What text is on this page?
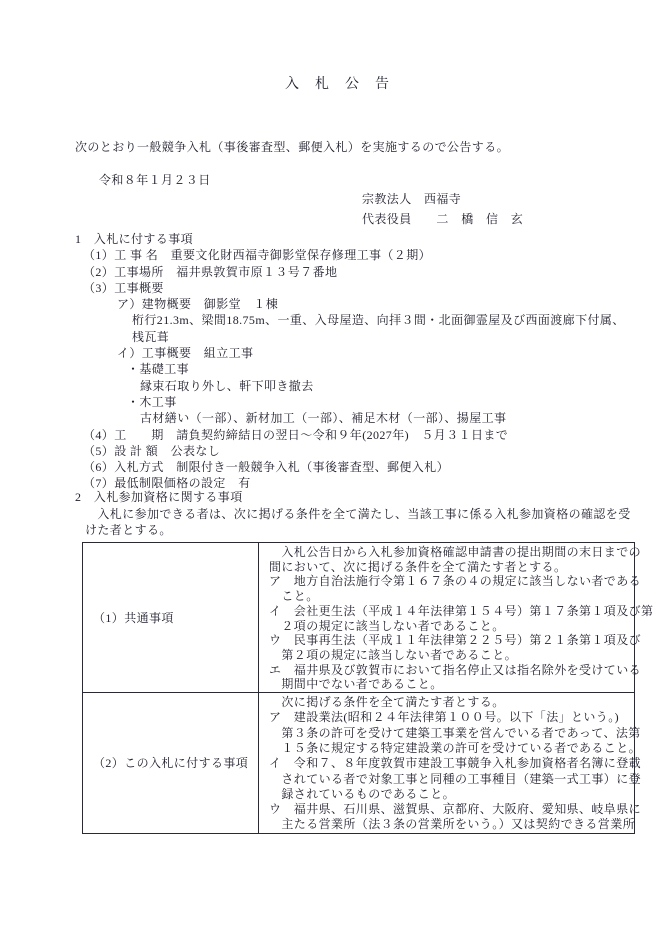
入　札　公　告
次のとおり一般競争入札（事後審査型、郵便入札）を実施するので公告する。
令和８年１月２３日
宗教法人　西福寺
代表役員　　二　橋　信　玄
1　入札に付する事項
（1）工 事 名　重要文化財西福寺御影堂保存修理工事（２期）
（2）工事場所　福井県敦賀市原１３号７番地
（3）工事概要
ア）建物概要　御影堂　１棟
桁行21.3m、梁間18.75m、一重、入母屋造、向拝３間・北面御霊屋及び西面渡廊下付属、
桟瓦葺
イ）工事概要　組立工事
・基礎工事
縁束石取り外し、軒下叩き撤去
・木工事
古材繕い（一部）、新材加工（一部）、補足木材（一部）、揚屋工事
（4）工　　期　請負契約締結日の翌日～令和９年(2027年)　５月３１日まで
（5）設 計 額　公表なし
（6）入札方式　制限付き一般競争入札（事後審査型、郵便入札）
（7）最低制限価格の設定　有
2　入札参加資格に関する事項
　入札に参加できる者は、次に掲げる条件を全て満たし、当該工事に係る入札参加資格の確認を受
けた者とする。
（1）共通事項	
　入札公告日から入札参加資格確認申請書の提出期間の末日までの
間において、次に掲げる条件を全て満たす者とする。
ア　地方自治法施行令第１６７条の４の規定に該当しない者である
　こと。
イ　会社更生法（平成１４年法律第１５４号）第１７条第１項及び第
　２項の規定に該当しない者であること。
ウ　民事再生法（平成１１年法律第２２５号）第２１条第１項及び
　第２項の規定に該当しない者であること。
エ　福井県及び敦賀市において指名停止又は指名除外を受けている
　期間中でない者であること。

（2）この入札に付する事項	
　次に掲げる条件を全て満たす者とする。
ア　建設業法(昭和２４年法律第１００号。以下「法」という。)
　第３条の許可を受けて建築工事業を営んでいる者であって、法第
　１５条に規定する特定建設業の許可を受けている者であること。
イ　令和７、８年度敦賀市建設工事競争入札参加資格者名簿に登載
　されている者で対象工事と同種の工事種目（建築一式工事）に登
　録されているものであること。
ウ　福井県、石川県、滋賀県、京都府、大阪府、愛知県、岐阜県に
　主たる営業所（法３条の営業所をいう。）又は契約できる営業所
